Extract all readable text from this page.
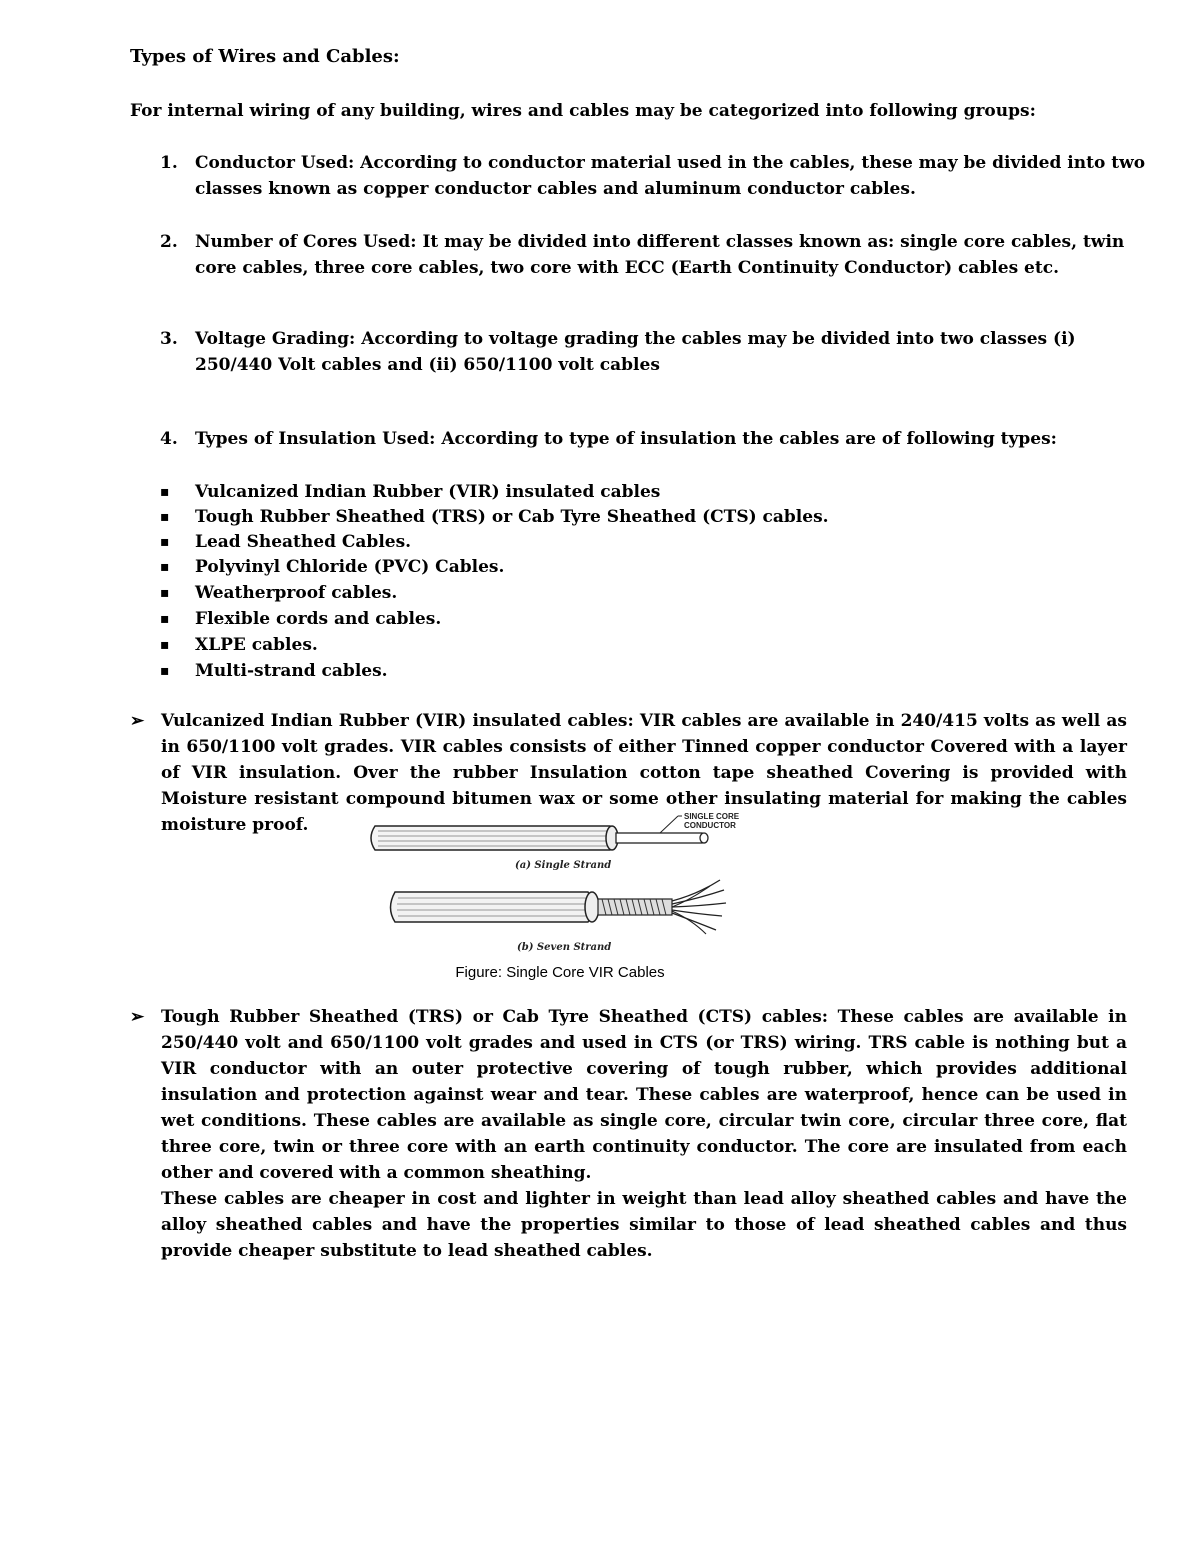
Types of Wires and Cables:
For internal wiring of any building, wires and cables may be categorized into following groups:
1. Conductor Used: According to conductor material used in the cables, these may be divided into two classes known as copper conductor cables and aluminum conductor cables.
2. Number of Cores Used: It may be divided into different classes known as: single core cables, twin core cables, three core cables, two core with ECC (Earth Continuity Conductor) cables etc.
3. Voltage Grading: According to voltage grading the cables may be divided into two classes (i) 250/440 Volt cables and (ii) 650/1100 volt cables
4. Types of Insulation Used: According to type of insulation the cables are of following types:
▪ Vulcanized Indian Rubber (VIR) insulated cables
▪ Tough Rubber Sheathed (TRS) or Cab Tyre Sheathed (CTS) cables.
▪ Lead Sheathed Cables.
▪ Polyvinyl Chloride (PVC) Cables.
▪ Weatherproof cables.
▪ Flexible cords and cables.
▪ XLPE cables.
▪ Multi-strand cables.
➢ Vulcanized Indian Rubber (VIR) insulated cables: VIR cables are available in 240/415 volts as well as in 650/1100 volt grades. VIR cables consists of either Tinned copper conductor Covered with a layer of VIR insulation. Over the rubber Insulation cotton tape sheathed Covering is provided with Moisture resistant compound bitumen wax or some other insulating material for making the cables moisture proof.	SINGLE CORE
CONDUCTOR
(a) Single Strand
(b) Seven Strand
Figure: Single Core VIR Cables
➢ Tough Rubber Sheathed (TRS) or Cab Tyre Sheathed (CTS) cables: These cables are available in 250/440 volt and 650/1100 volt grades and used in CTS (or TRS) wiring. TRS cable is nothing but a VIR conductor with an outer protective covering of tough rubber, which provides additional insulation and protection against wear and tear. These cables are waterproof, hence can be used in wet conditions. These cables are available as single core, circular twin core, circular three core, flat three core, twin or three core with an earth continuity conductor. The core are insulated from each other and covered with a common sheathing.
These cables are cheaper in cost and lighter in weight than lead alloy sheathed cables and have the alloy sheathed cables and have the properties similar to those of lead sheathed cables and thus provide cheaper substitute to lead sheathed cables.
